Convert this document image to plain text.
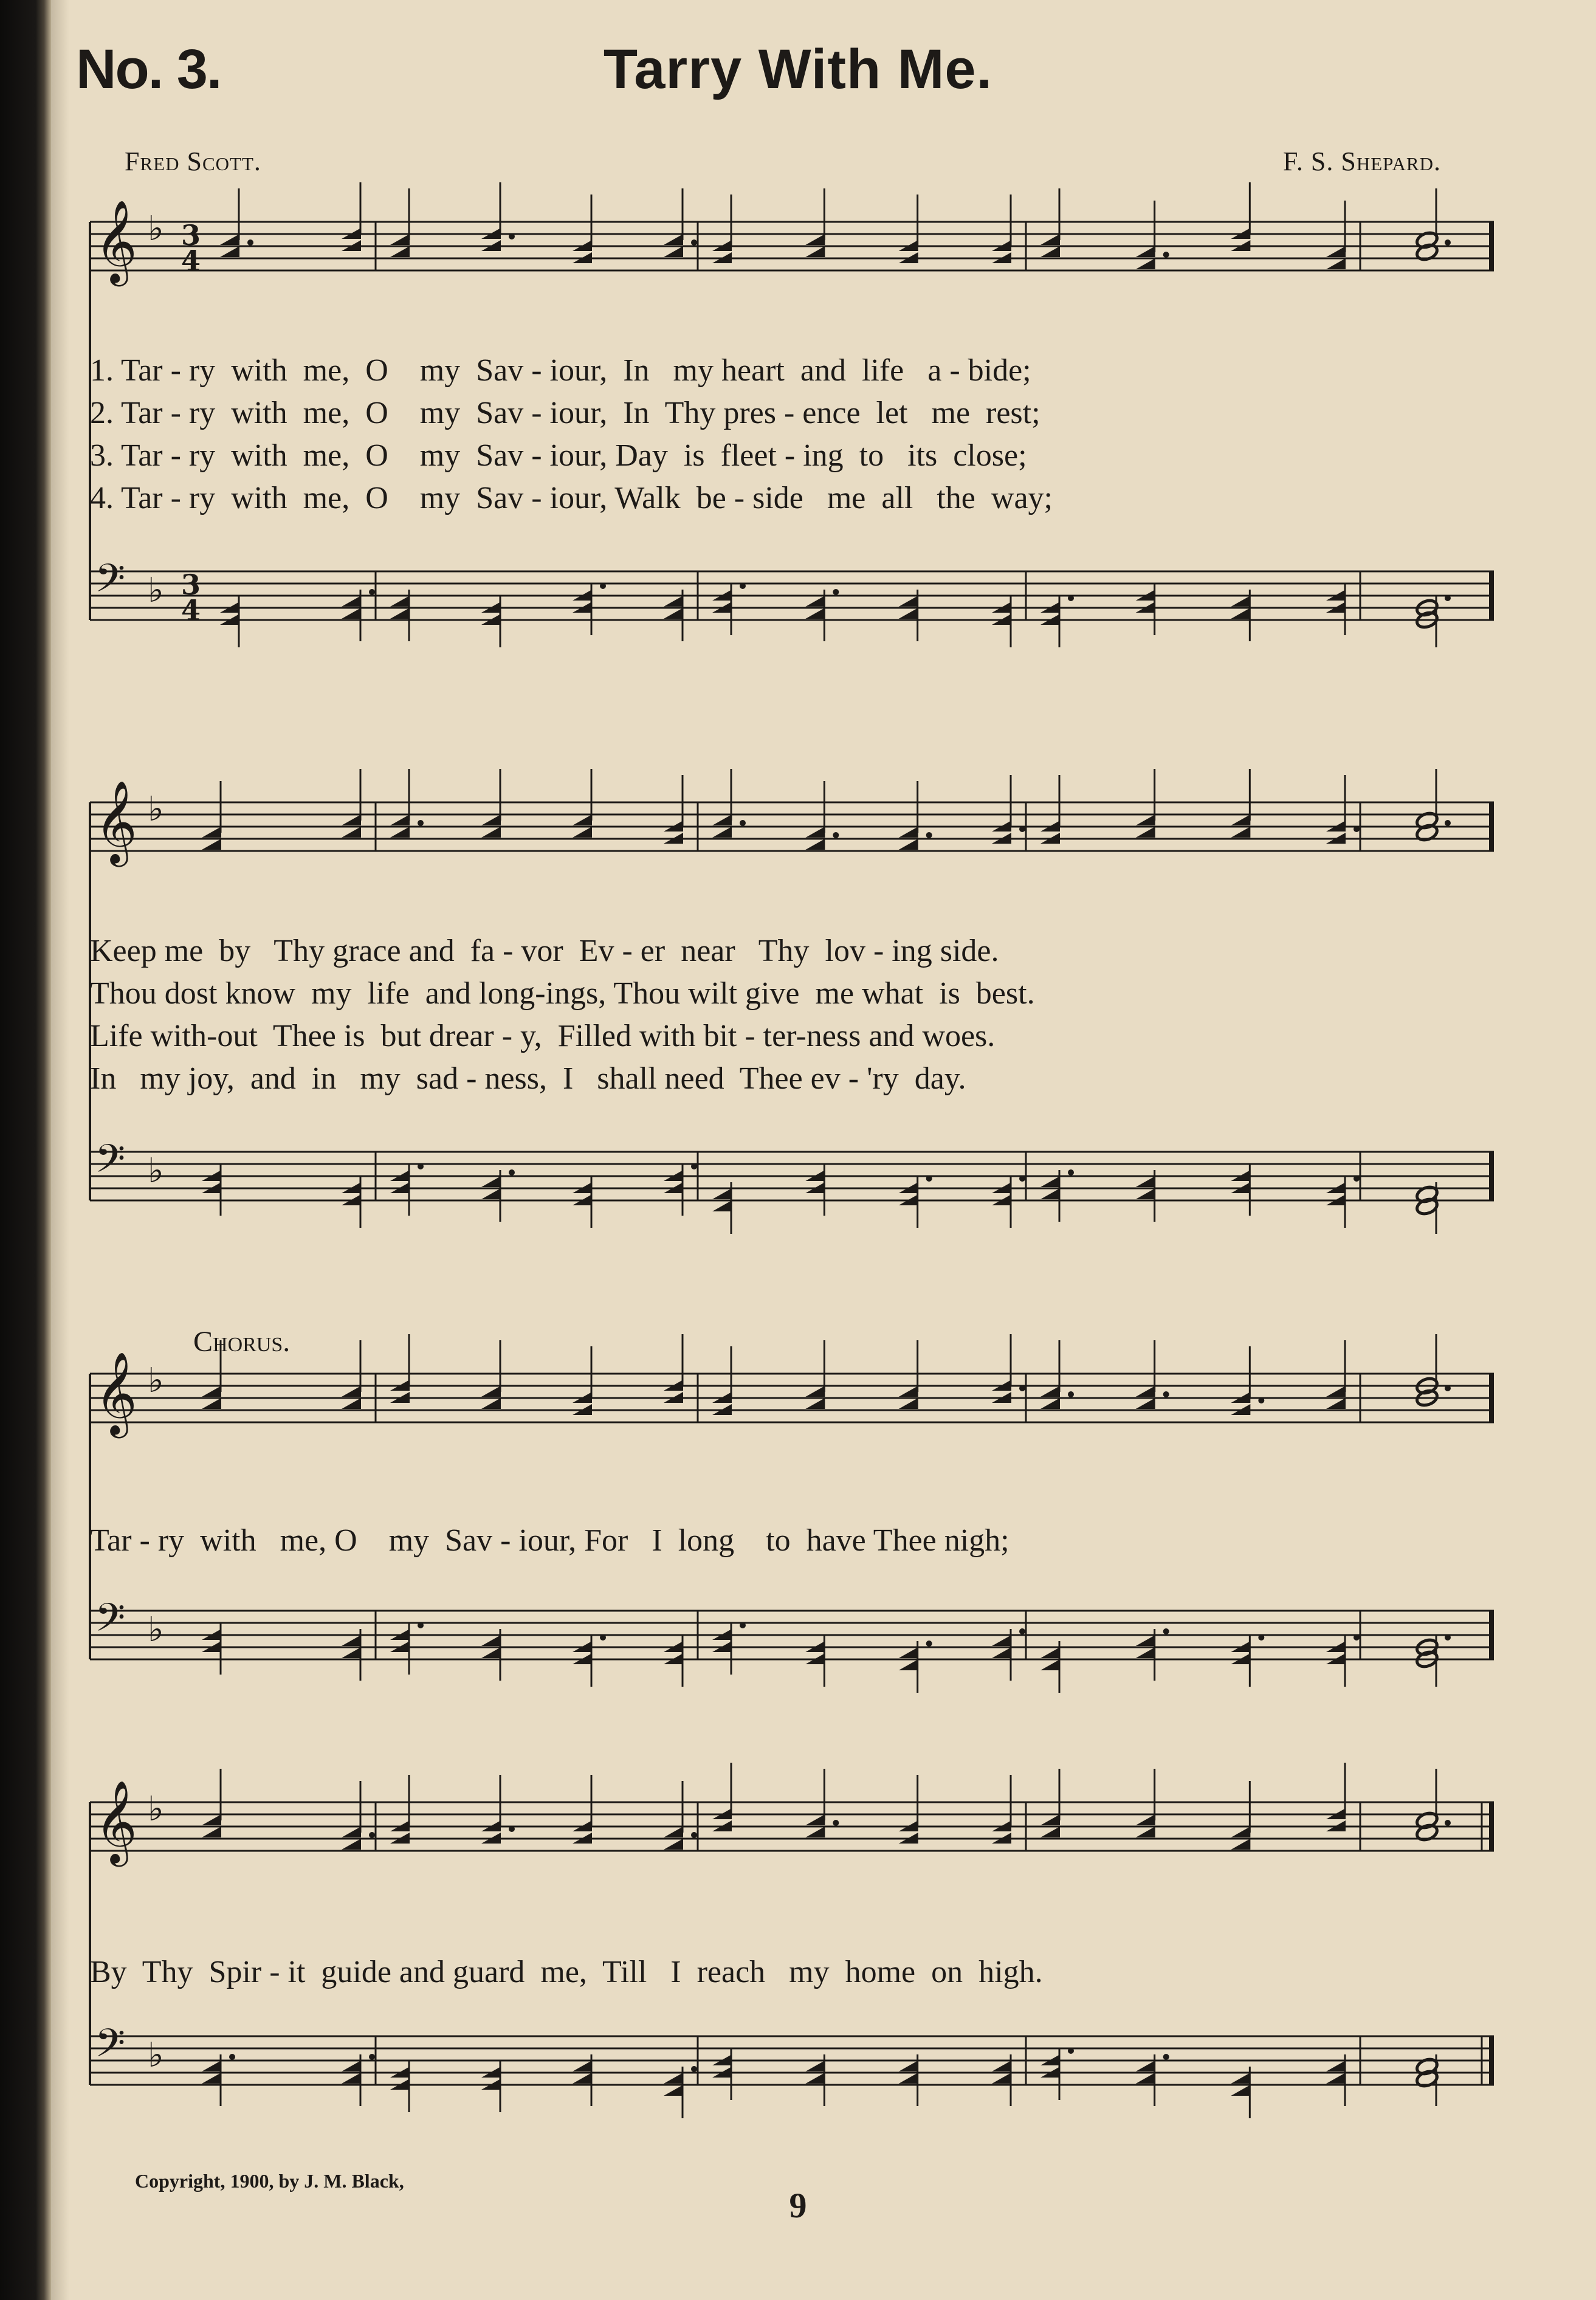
No. 3.	Tarry With Me.
Fred Scott.	F. S. Shepard.
𝄞 ♭ 3
4
𝄢 ♭ 3
4
1. Tar - ry  with  me,  O    my  Sav - iour,  In   my heart  and  life   a - bide;
2. Tar - ry  with  me,  O    my  Sav - iour,  In  Thy pres - ence  let   me  rest;
3. Tar - ry  with  me,  O    my  Sav - iour, Day  is  fleet - ing  to   its  close;
4. Tar - ry  with  me,  O    my  Sav - iour, Walk  be - side   me  all   the  way;
𝄞 ♭
𝄢 ♭
Keep me  by   Thy grace and  fa - vor  Ev - er  near   Thy  lov - ing side.
Thou dost know  my  life  and long-ings, Thou wilt give  me what  is  best.
Life with-out  Thee is  but drear - y,  Filled with bit - ter-ness and woes.
In   my joy,  and  in   my  sad - ness,  I   shall need  Thee ev - 'ry  day.
Chorus.
𝄞 ♭
𝄢 ♭
Tar - ry  with   me, O    my  Sav - iour, For   I  long    to  have Thee nigh;
𝄞 ♭
𝄢 ♭
By  Thy  Spir - it  guide and guard  me,  Till   I  reach   my  home  on  high.
Copyright, 1900, by J. M. Black,
9
